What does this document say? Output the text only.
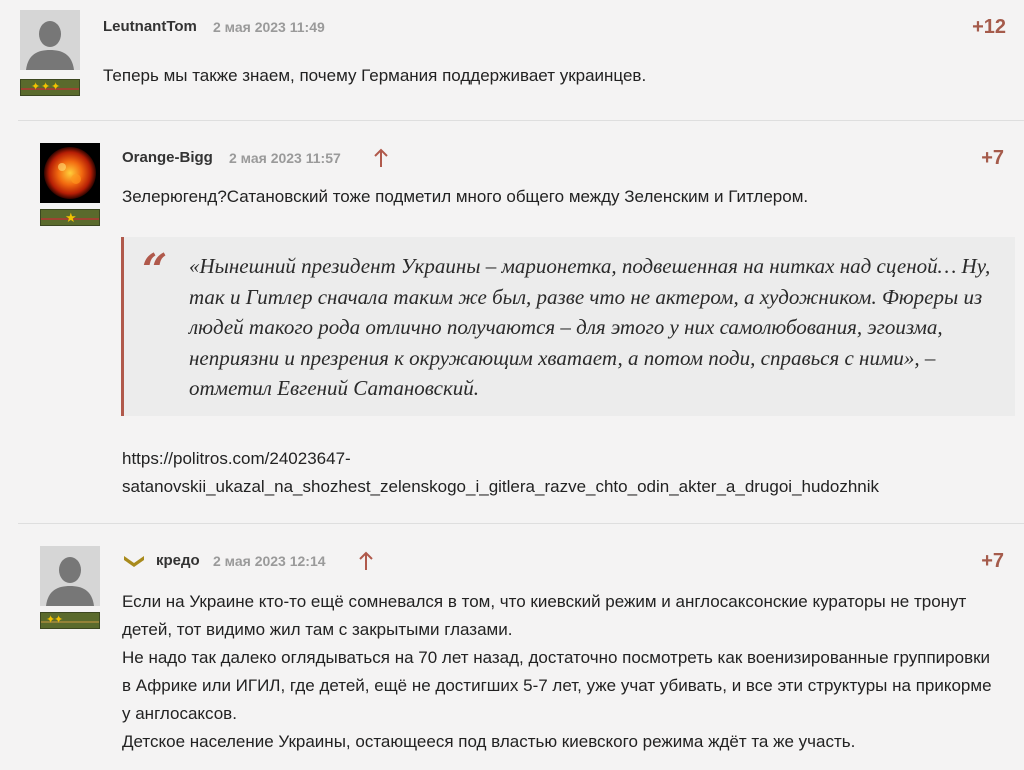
✦ ✦ ✦
LeutnantTom 2 мая 2023 11:49	+12
Теперь мы также знаем, почему Германия поддерживает украинцев.
★
Orange-Bigg 2 мая 2023 11:57	+7
Зелерюгенд?Сатановский тоже подметил много общего между Зеленским и Гитлером.
“ «Нынешний президент Украины – марионетка, подвешенная на нитках над сценой… Ну, так и Гитлер сначала таким же был, разве что не актером, а художником. Фюреры из людей такого рода отлично получаются – для этого у них самолюбования, эгоизма, неприязни и презрения к окружающим хватает, а потом поди, справься с ними», – отметил Евгений Сатановский.
https://politros.com/24023647-
satanovskii_ukazal_na_shozhest_zelenskogo_i_gitlera_razve_chto_odin_akter_a_drugoi_hudozhnik
✦
✦
кредо 2 мая 2023 12:14	+7
Если на Украине кто-то ещё сомневался в том, что киевский режим и англосаксонские кураторы не тронут детей, тот видимо жил там с закрытыми глазами.
Не надо так далеко оглядываться на 70 лет назад, достаточно посмотреть как военизированные группировки в Африке или ИГИЛ, где детей, ещё не достигших 5-7 лет, уже учат убивать, и все эти структуры на прикорме у англосаксов.
Детское население Украины, остающееся под властью киевского режима ждёт та же участь.
